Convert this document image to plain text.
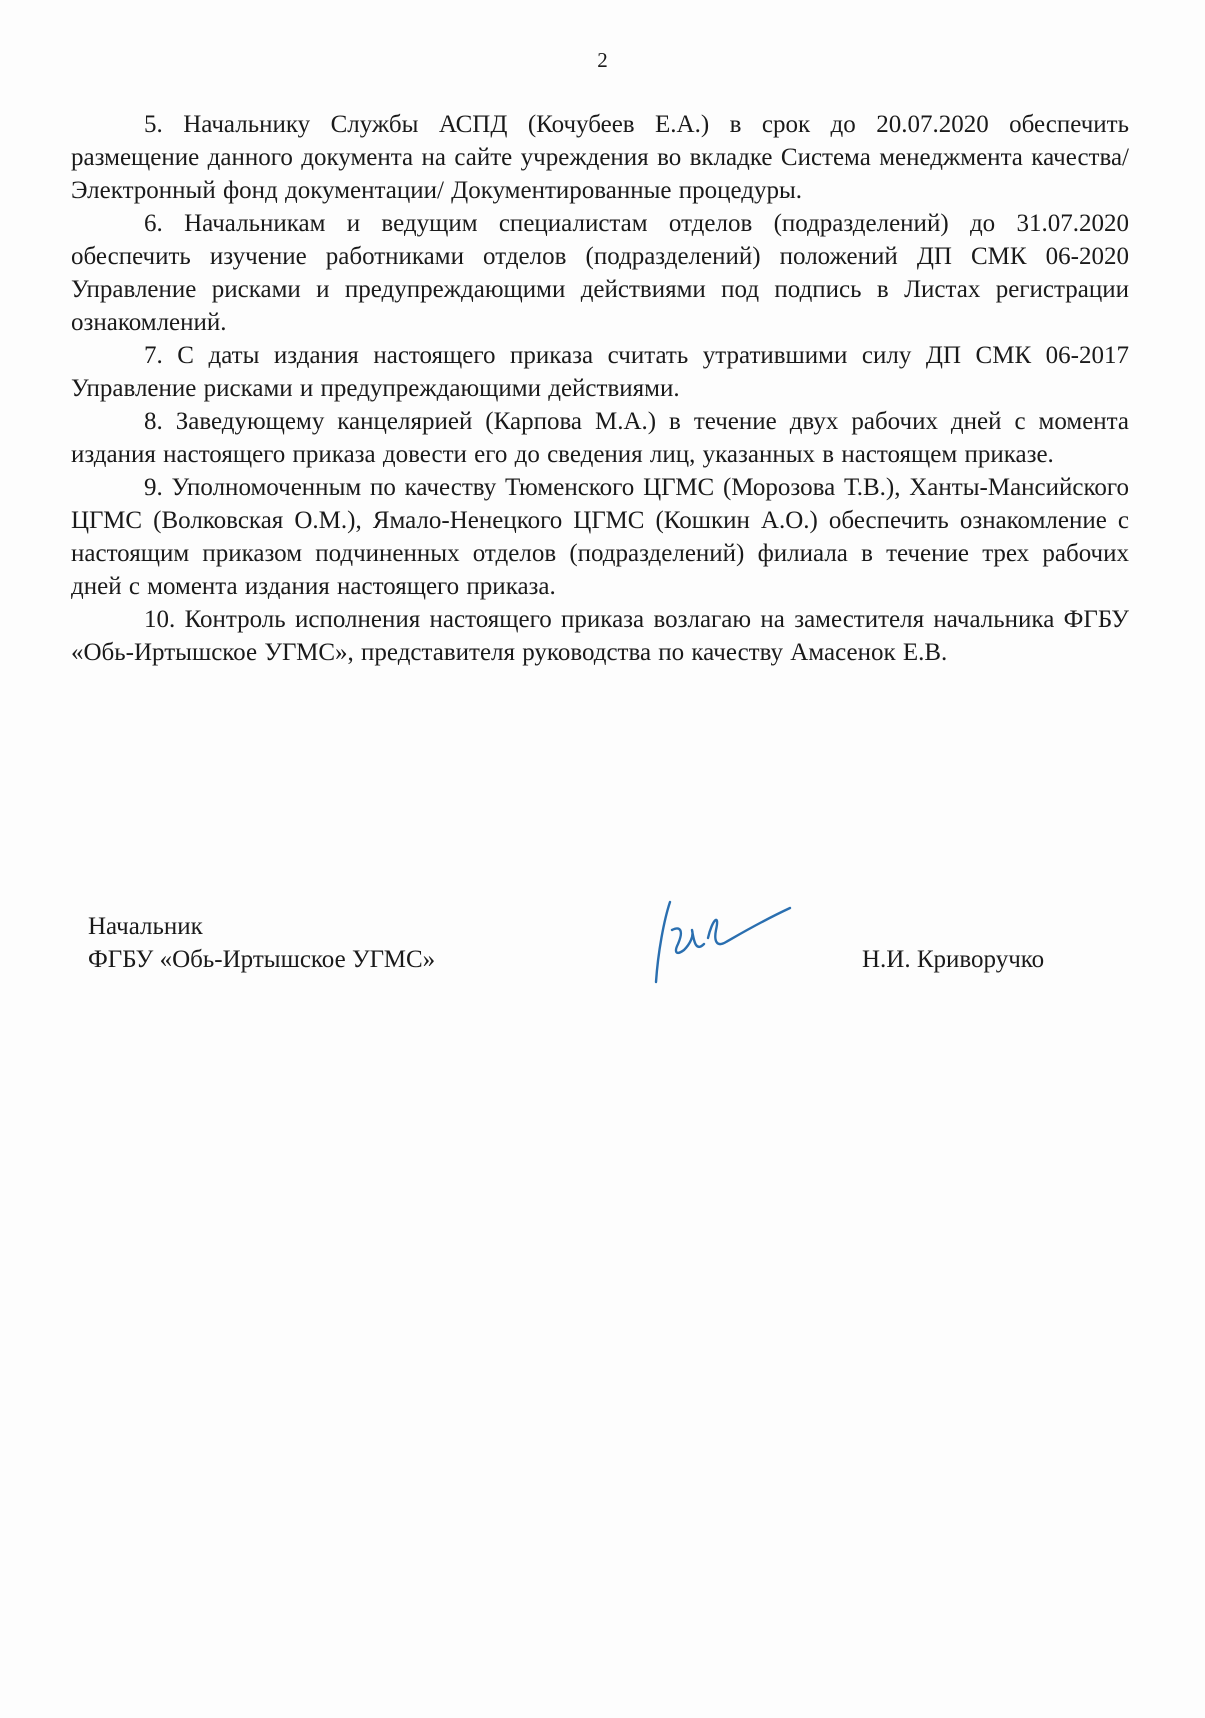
2

5. Начальнику Службы АСПД (Кочубеев Е.А.) в срок до 20.07.2020 обеспечить размещение данного документа на сайте учреждения во вкладке Система менеджмента качества/Электронный фонд документации/ Документированные процедуры.

6. Начальникам и ведущим специалистам отделов (подразделений) до 31.07.2020 обеспечить изучение работниками отделов (подразделений) положений ДП СМК 06-2020 Управление рисками и предупреждающими действиями под подпись в Листах регистрации ознакомлений.

7. С даты издания настоящего приказа считать утратившими силу ДП СМК 06-2017 Управление рисками и предупреждающими действиями.

8. Заведующему канцелярией (Карпова М.А.) в течение двух рабочих дней с момента издания настоящего приказа довести его до сведения лиц, указанных в настоящем приказе.

9. Уполномоченным по качеству Тюменского ЦГМС (Морозова Т.В.), Ханты-Мансийского ЦГМС (Волковская О.М.), Ямало-Ненецкого ЦГМС (Кошкин А.О.) обеспечить ознакомление с настоящим приказом подчиненных отделов (подразделений) филиала в течение трех рабочих дней с момента издания настоящего приказа.

10. Контроль исполнения настоящего приказа возлагаю на заместителя начальника ФГБУ «Обь-Иртышское УГМС», представителя руководства по качеству Амасенок Е.В.

Начальник
ФГБУ «Обь-Иртышское УГМС»	Н.И. Криворучко
